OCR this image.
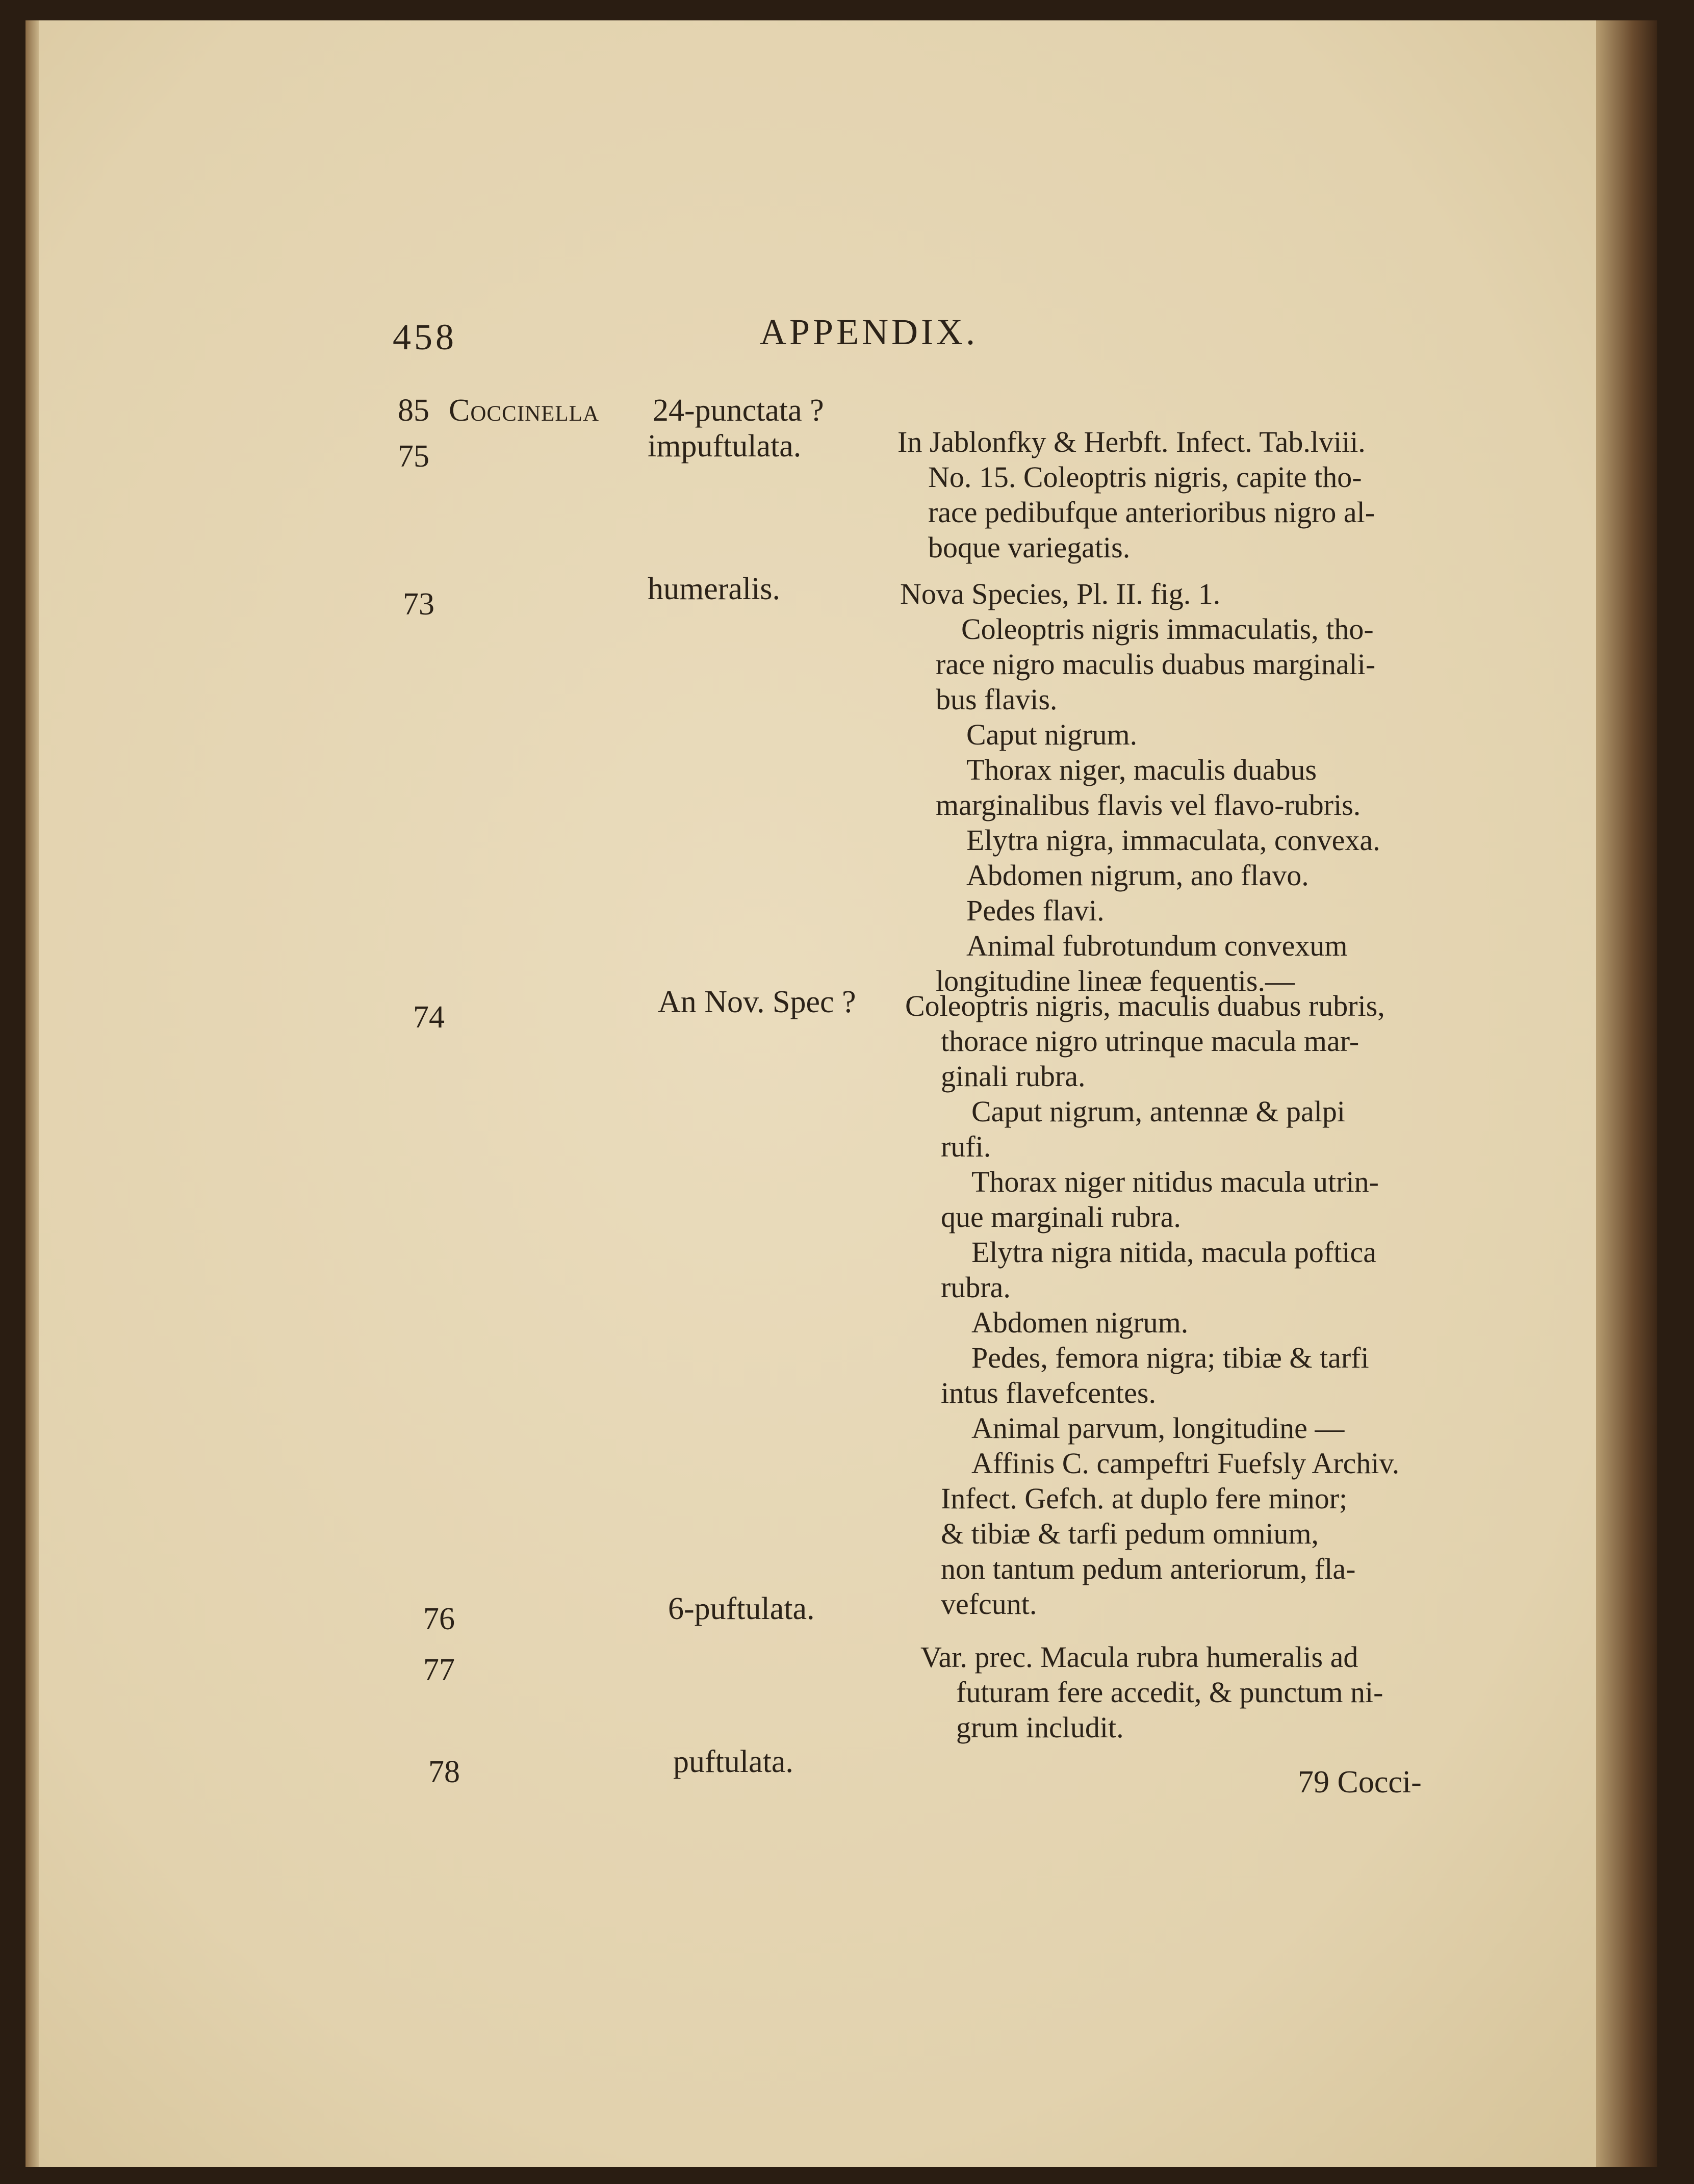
458	APPENDIX.
85
75
73
74
76
77
78
Coccinella 24-punctata ?
impuftulata.
humeralis.
An Nov. Spec ?
6-puftulata.
puftulata.
In Jablonfky & Herbft. Infect. Tab.lviii.
No. 15. Coleoptris nigris, capite tho-
race pedibufque anterioribus nigro al-
boque variegatis.
Nova Species, Pl. II. fig. 1.
Coleoptris nigris immaculatis, tho-
race nigro maculis duabus marginali-
bus flavis.
Caput nigrum.
Thorax niger, maculis duabus
marginalibus flavis vel flavo-rubris.
Elytra nigra, immaculata, convexa.
Abdomen nigrum, ano flavo.
Pedes flavi.
Animal fubrotundum convexum
longitudine lineæ fequentis.—
Coleoptris nigris, maculis duabus rubris,
thorace nigro utrinque macula mar-
ginali rubra.
Caput nigrum, antennæ & palpi
rufi.
Thorax niger nitidus macula utrin-
que marginali rubra.
Elytra nigra nitida, macula poftica
rubra.
Abdomen nigrum.
Pedes, femora nigra; tibiæ & tarfi
intus flavefcentes.
Animal parvum, longitudine —
Affinis C. campeftri Fuefsly Archiv.
Infect. Gefch. at duplo fere minor;
& tibiæ & tarfi pedum omnium,
non tantum pedum anteriorum, fla-
vefcunt.
Var. prec. Macula rubra humeralis ad
futuram fere accedit, & punctum ni-
grum includit.
79 Cocci-
